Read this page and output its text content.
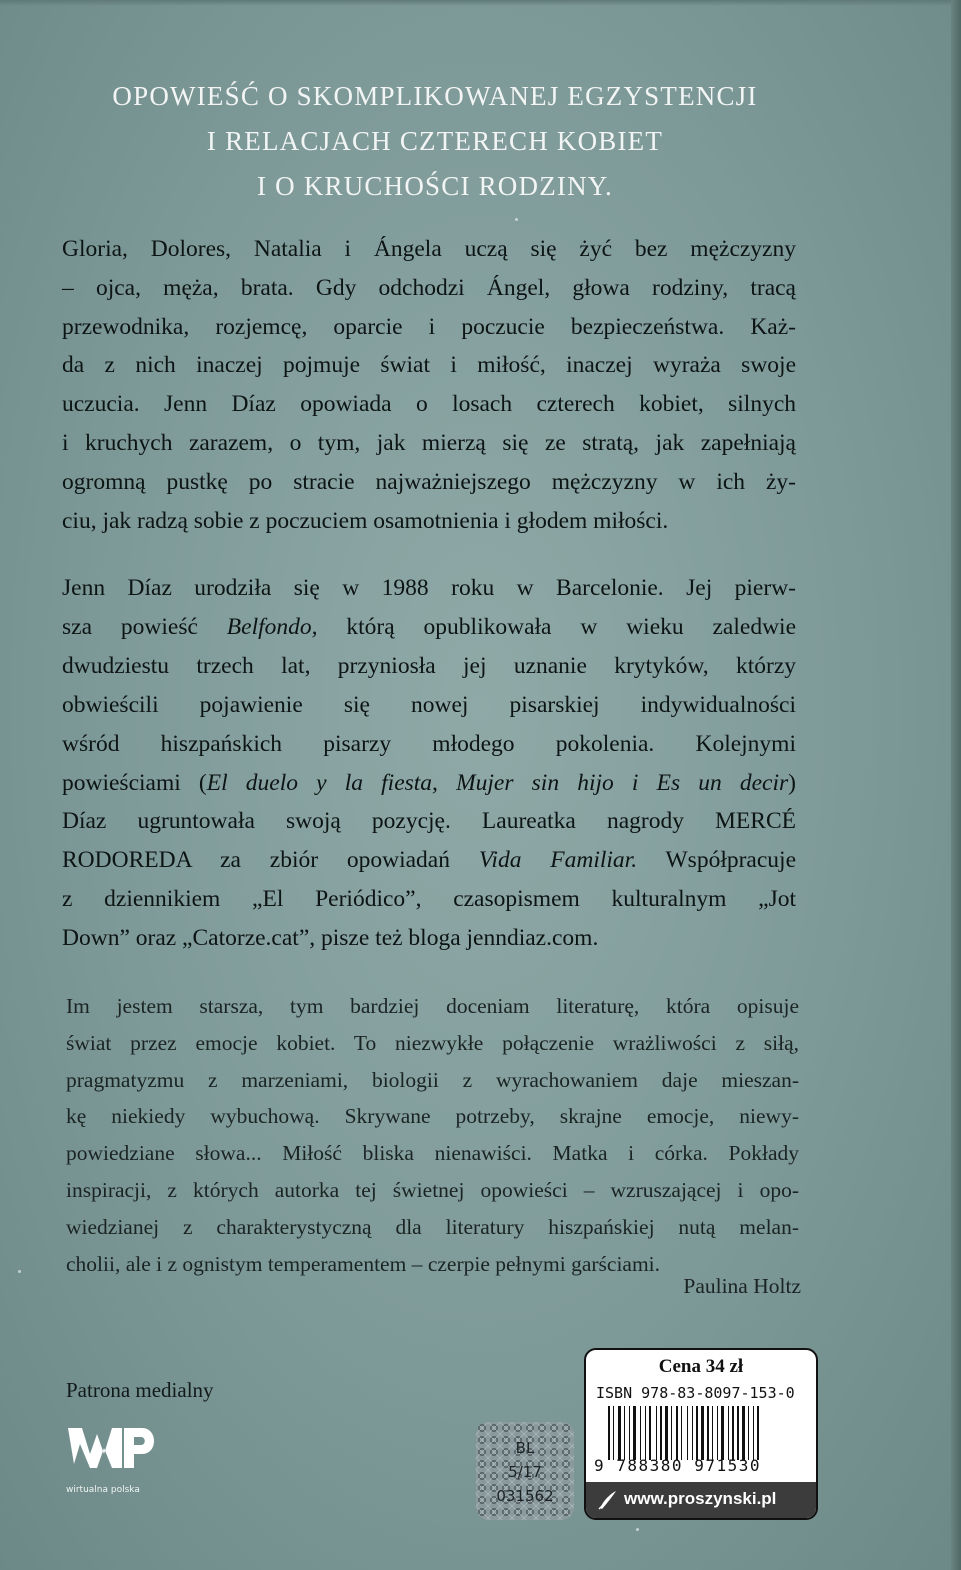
OPOWIEŚĆ O SKOMPLIKOWANEJ EGZYSTENCJI
I RELACJACH CZTERECH KOBIET
I O KRUCHOŚCI RODZINY.
Gloria, Dolores, Natalia i Ángela uczą się żyć bez mężczyzny
– ojca, męża, brata. Gdy odchodzi Ángel, głowa rodziny, tracą
przewodnika, rozjemcę, oparcie i poczucie bezpieczeństwa. Każ-
da z nich inaczej pojmuje świat i miłość, inaczej wyraża swoje
uczucia. Jenn Díaz opowiada o losach czterech kobiet, silnych
i kruchych zarazem, o tym, jak mierzą się ze stratą, jak zapełniają
ogromną pustkę po stracie najważniejszego mężczyzny w ich ży-
ciu, jak radzą sobie z poczuciem osamotnienia i głodem miłości.
Jenn Díaz urodziła się w 1988 roku w Barcelonie. Jej pierw-
sza powieść Belfondo, którą opublikowała w wieku zaledwie
dwudziestu trzech lat, przyniosła jej uznanie krytyków, którzy
obwieścili pojawienie się nowej pisarskiej indywidualności
wśród hiszpańskich pisarzy młodego pokolenia. Kolejnymi
powieściami (El duelo y la fiesta, Mujer sin hijo i Es un decir)
Díaz ugruntowała swoją pozycję. Laureatka nagrody MERCÉ
RODOREDA za zbiór opowiadań Vida Familiar. Współpracuje
z dziennikiem „El Periódico”, czasopismem kulturalnym „Jot
Down” oraz „Catorze.cat”, pisze też bloga jenndiaz.com.
Im jestem starsza, tym bardziej doceniam literaturę, która opisuje
świat przez emocje kobiet. To niezwykłe połączenie wrażliwości z siłą,
pragmatyzmu z marzeniami, biologii z wyrachowaniem daje mieszan-
kę niekiedy wybuchową. Skrywane potrzeby, skrajne emocje, niewy-
powiedziane słowa... Miłość bliska nienawiści. Matka i córka. Pokłady
inspiracji, z których autorka tej świetnej opowieści – wzruszającej i opo-
wiedzianej z charakterystyczną dla literatury hiszpańskiej nutą melan-
cholii, ale i z ognistym temperamentem – czerpie pełnymi garściami.
Paulina Holtz
Patrona medialny
wirtualna polska
BL
5/17
031562
Cena 34 zł
ISBN 978-83-8097-153-0
9 788380 971530
www.proszynski.pl
